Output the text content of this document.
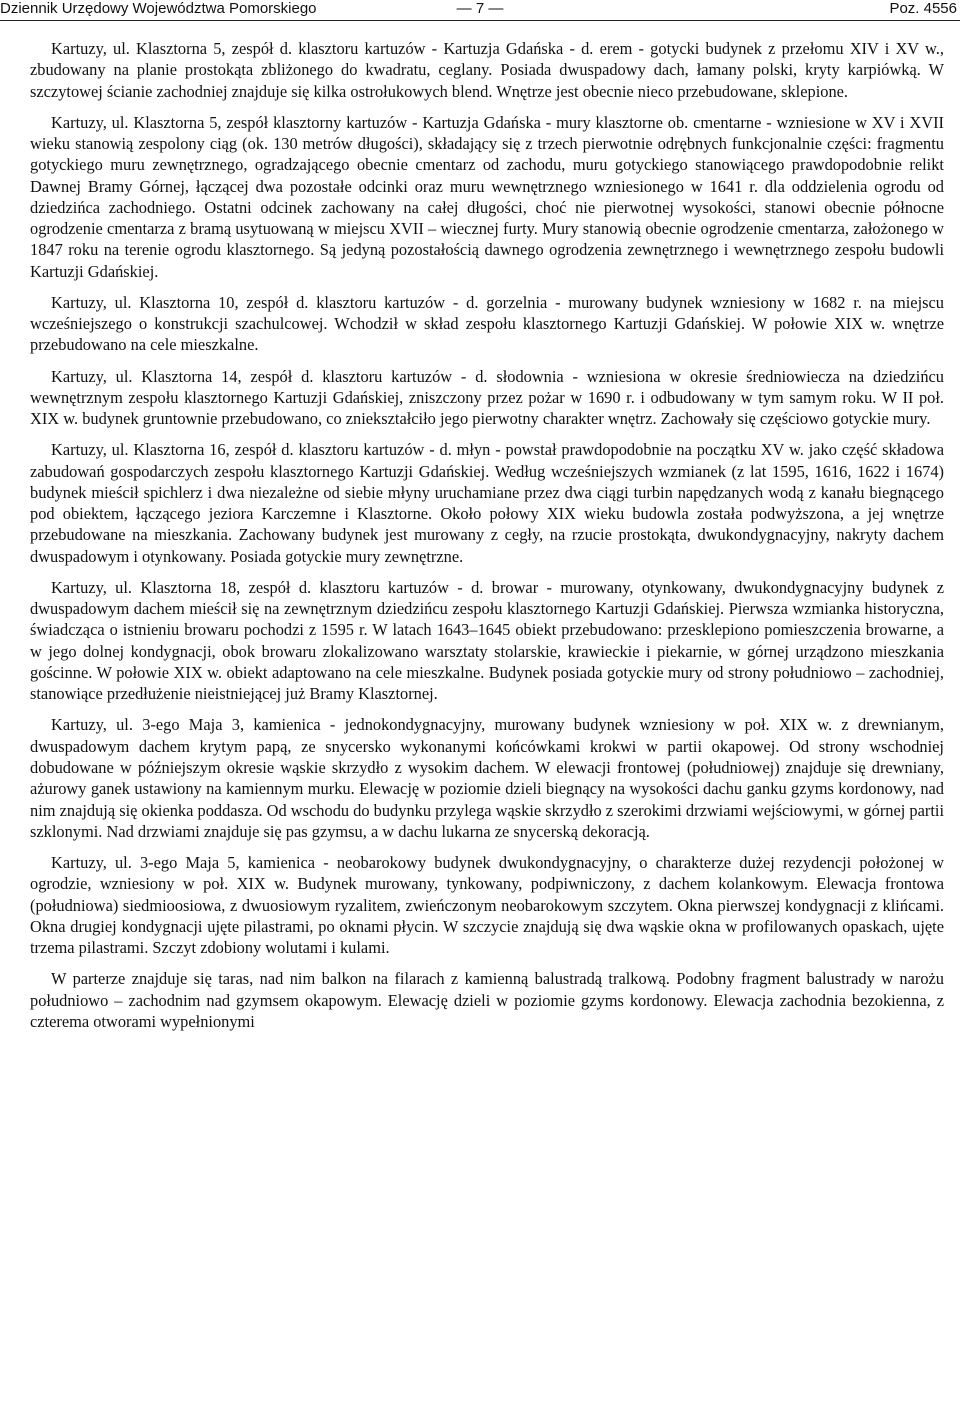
Dziennik Urzędowy Województwa Pomorskiego	— 7 —	Poz. 4556

Kartuzy, ul. Klasztorna 5, zespół d. klasztoru kartuzów - Kartuzja Gdańska - d. erem - gotycki budynek z przełomu XIV i XV w., zbudowany na planie prostokąta zbliżonego do kwadratu, ceglany. Posiada dwuspadowy dach, łamany polski, kryty karpiówką. W szczytowej ścianie zachodniej znajduje się kilka ostrołukowych blend. Wnętrze jest obecnie nieco przebudowane, sklepione.

Kartuzy, ul. Klasztorna 5, zespół klasztorny kartuzów - Kartuzja Gdańska - mury klasztorne ob. cmentarne - wzniesione w XV i XVII wieku stanowią zespolony ciąg (ok. 130 metrów długości), składający się z trzech pierwotnie odrębnych funkcjonalnie części: fragmentu gotyckiego muru zewnętrznego, ogradzającego obecnie cmentarz od zachodu, muru gotyckiego stanowiącego prawdopodobnie relikt Dawnej Bramy Górnej, łączącej dwa pozostałe odcinki oraz muru wewnętrznego wzniesionego w 1641 r. dla oddzielenia ogrodu od dziedzińca zachodniego. Ostatni odcinek zachowany na całej długości, choć nie pierwotnej wysokości, stanowi obecnie północne ogrodzenie cmentarza z bramą usytuowaną w miejscu XVII – wiecznej furty. Mury stanowią obecnie ogrodzenie cmentarza, założonego w 1847 roku na terenie ogrodu klasztornego. Są jedyną pozostałością dawnego ogrodzenia zewnętrznego i wewnętrznego zespołu budowli Kartuzji Gdańskiej.

Kartuzy, ul. Klasztorna 10, zespół d. klasztoru kartuzów - d. gorzelnia - murowany budynek wzniesiony w 1682 r. na miejscu wcześniejszego o konstrukcji szachulcowej. Wchodził w skład zespołu klasztornego Kartuzji Gdańskiej. W połowie XIX w. wnętrze przebudowano na cele mieszkalne.

Kartuzy, ul. Klasztorna 14, zespół d. klasztoru kartuzów - d. słodownia - wzniesiona w okresie średniowiecza na dziedzińcu wewnętrznym zespołu klasztornego Kartuzji Gdańskiej, zniszczony przez pożar w 1690 r. i odbudowany w tym samym roku. W II poł. XIX w. budynek gruntownie przebudowano, co zniekształciło jego pierwotny charakter wnętrz. Zachowały się częściowo gotyckie mury.

Kartuzy, ul. Klasztorna 16, zespół d. klasztoru kartuzów - d. młyn - powstał prawdopodobnie na początku XV w. jako część składowa zabudowań gospodarczych zespołu klasztornego Kartuzji Gdańskiej. Według wcześniejszych wzmianek (z lat 1595, 1616, 1622 i 1674) budynek mieścił spichlerz i dwa niezależne od siebie młyny uruchamiane przez dwa ciągi turbin napędzanych wodą z kanału biegnącego pod obiektem, łączącego jeziora Karczemne i Klasztorne. Około połowy XIX wieku budowla została podwyższona, a jej wnętrze przebudowane na mieszkania. Zachowany budynek jest murowany z cegły, na rzucie prostokąta, dwukondygnacyjny, nakryty dachem dwuspadowym i otynkowany. Posiada gotyckie mury zewnętrzne.

Kartuzy, ul. Klasztorna 18, zespół d. klasztoru kartuzów - d. browar - murowany, otynkowany, dwukondygnacyjny budynek z dwuspadowym dachem mieścił się na zewnętrznym dziedzińcu zespołu klasztornego Kartuzji Gdańskiej. Pierwsza wzmianka historyczna, świadcząca o istnieniu browaru pochodzi z 1595 r. W latach 1643–1645 obiekt przebudowano: przesklepiono pomieszczenia browarne, a w jego dolnej kondygnacji, obok browaru zlokalizowano warsztaty stolarskie, krawieckie i piekarnie, w górnej urządzono mieszkania gościnne. W połowie XIX w. obiekt adaptowano na cele mieszkalne. Budynek posiada gotyckie mury od strony południowo – zachodniej, stanowiące przedłużenie nieistniejącej już Bramy Klasztornej.

Kartuzy, ul. 3-ego Maja 3, kamienica - jednokondygnacyjny, murowany budynek wzniesiony w poł. XIX w. z drewnianym, dwuspadowym dachem krytym papą, ze snycersko wykonanymi końcówkami krokwi w partii okapowej. Od strony wschodniej dobudowane w późniejszym okresie wąskie skrzydło z wysokim dachem. W elewacji frontowej (południowej) znajduje się drewniany, ażurowy ganek ustawiony na kamiennym murku. Elewację w poziomie dzieli biegnący na wysokości dachu ganku gzyms kordonowy, nad nim znajdują się okienka poddasza. Od wschodu do budynku przylega wąskie skrzydło z szerokimi drzwiami wejściowymi, w górnej partii szklonymi. Nad drzwiami znajduje się pas gzymsu, a w dachu lukarna ze snycerską dekoracją.

Kartuzy, ul. 3-ego Maja 5, kamienica - neobarokowy budynek dwukondygnacyjny, o charakterze dużej rezydencji położonej w ogrodzie, wzniesiony w poł. XIX w. Budynek murowany, tynkowany, podpiwniczony, z dachem kolankowym. Elewacja frontowa (południowa) siedmioosiowa, z dwuosiowym ryzalitem, zwieńczonym neobarokowym szczytem. Okna pierwszej kondygnacji z klińcami. Okna drugiej kondygnacji ujęte pilastrami, po oknami płycin. W szczycie znajdują się dwa wąskie okna w profilowanych opaskach, ujęte trzema pilastrami. Szczyt zdobiony wolutami i kulami.

W parterze znajduje się taras, nad nim balkon na filarach z kamienną balustradą tralkową. Podobny fragment balustrady w narożu południowo – zachodnim nad gzymsem okapowym. Elewację dzieli w poziomie gzyms kordonowy. Elewacja zachodnia bezokienna, z czterema otworami wypełnionymi
